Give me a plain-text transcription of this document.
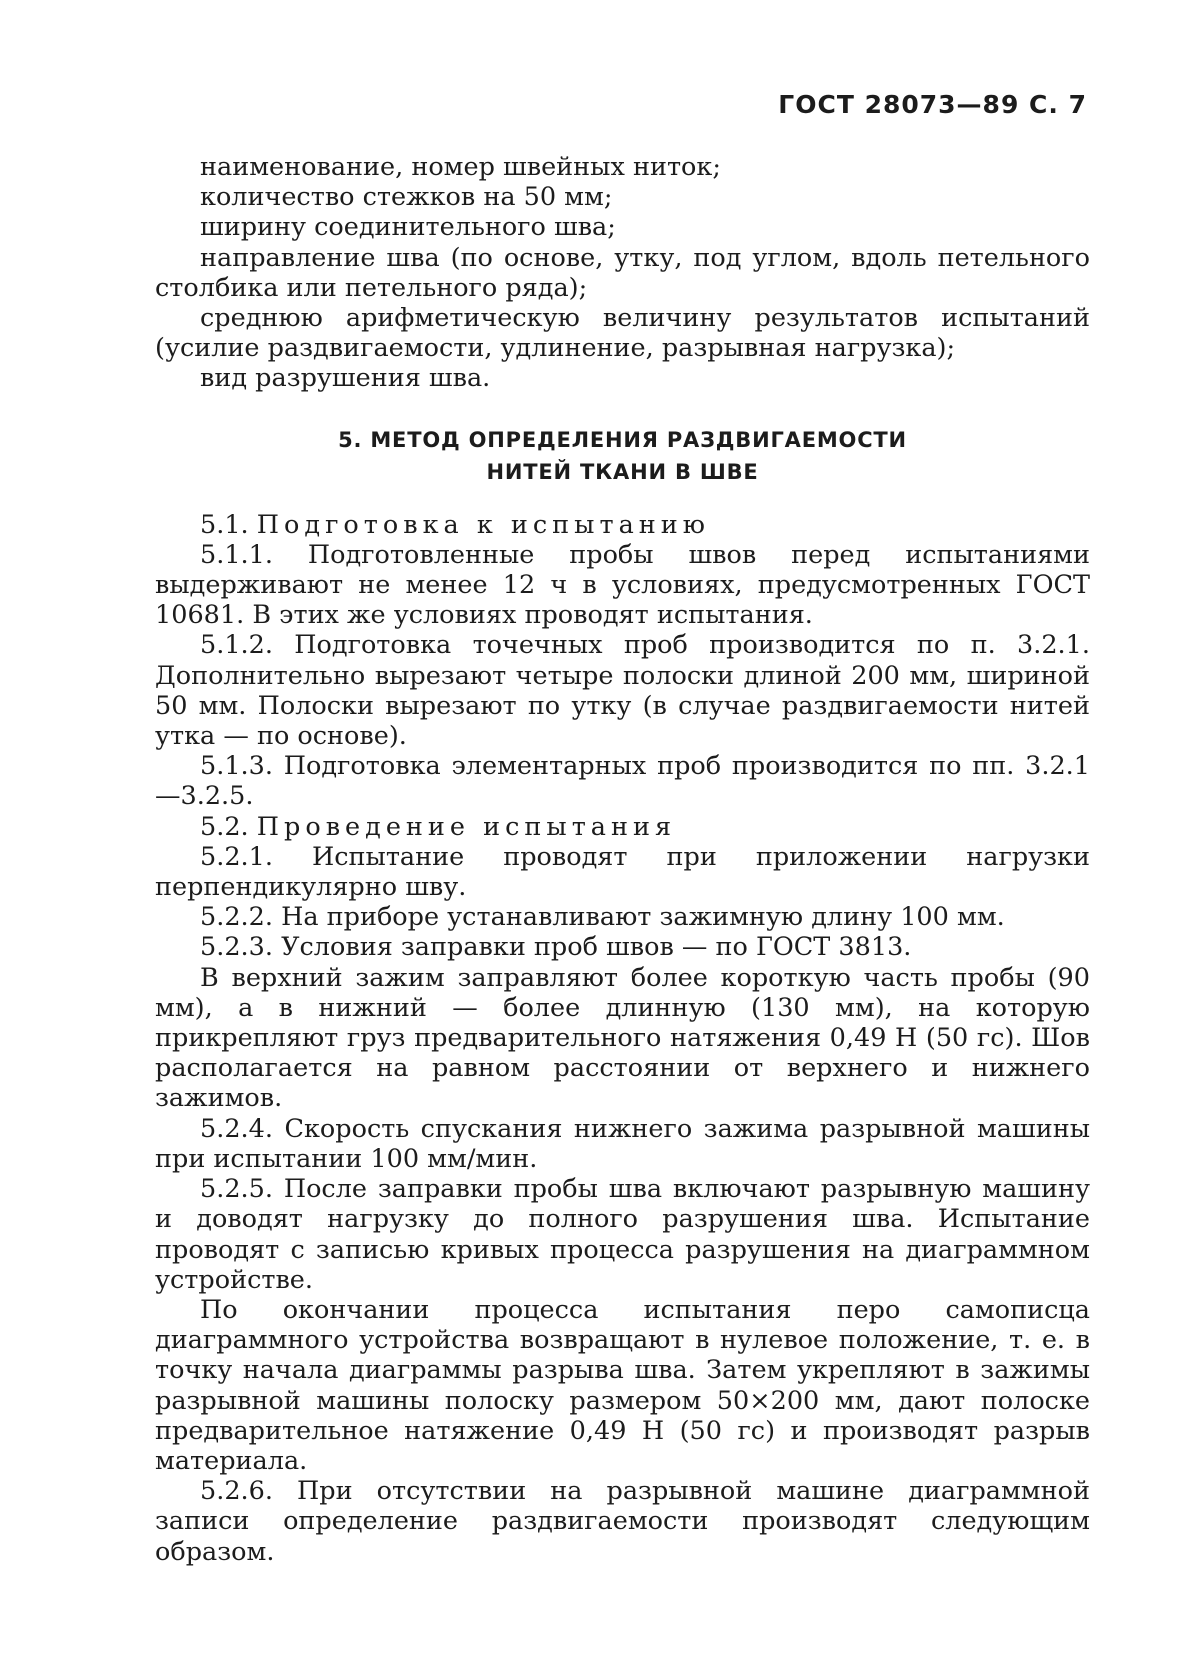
ГОСТ 28073—89 С. 7

наименование, номер швейных ниток;

количество стежков на 50 мм;

ширину соединительного шва;

направление шва (по основе, утку, под углом, вдоль петельного столбика или петельного ряда);

среднюю арифметическую величину результатов испытаний (усилие раздвигаемости, удлинение, разрывная нагрузка);

вид разрушения шва.

5. МЕТОД ОПРЕДЕЛЕНИЯ РАЗДВИГАЕМОСТИ
НИТЕЙ ТКАНИ В ШВЕ

5.1. Подготовка к испытанию

5.1.1. Подготовленные пробы швов перед испытаниями выдерживают не менее 12 ч в условиях, предусмотренных ГОСТ 10681. В этих же условиях проводят испытания.

5.1.2. Подготовка точечных проб производится по п. 3.2.1. Дополнительно вырезают четыре полоски длиной 200 мм, шириной 50 мм. Полоски вырезают по утку (в случае раздвигаемости нитей утка — по основе).

5.1.3. Подготовка элементарных проб производится по пп. 3.2.1—3.2.5.

5.2. Проведение испытания

5.2.1. Испытание проводят при приложении нагрузки перпендикулярно шву.

5.2.2. На приборе устанавливают зажимную длину 100 мм.

5.2.3. Условия заправки проб швов — по ГОСТ 3813.

В верхний зажим заправляют более короткую часть пробы (90 мм), а в нижний — более длинную (130 мм), на которую прикрепляют груз предварительного натяжения 0,49 Н (50 гс). Шов располагается на равном расстоянии от верхнего и нижнего зажимов.

5.2.4. Скорость спускания нижнего зажима разрывной машины при испытании 100 мм/мин.

5.2.5. После заправки пробы шва включают разрывную машину и доводят нагрузку до полного разрушения шва. Испытание проводят с записью кривых процесса разрушения на диаграммном устройстве.

По окончании процесса испытания перо самописца диаграммного устройства возвращают в нулевое положение, т. е. в точку начала диаграммы разрыва шва. Затем укрепляют в зажимы разрывной машины полоску размером 50×200 мм, дают полоске предварительное натяжение 0,49 Н (50 гс) и производят разрыв материала.

5.2.6. При отсутствии на разрывной машине диаграммной записи определение раздвигаемости производят следующим образом.
